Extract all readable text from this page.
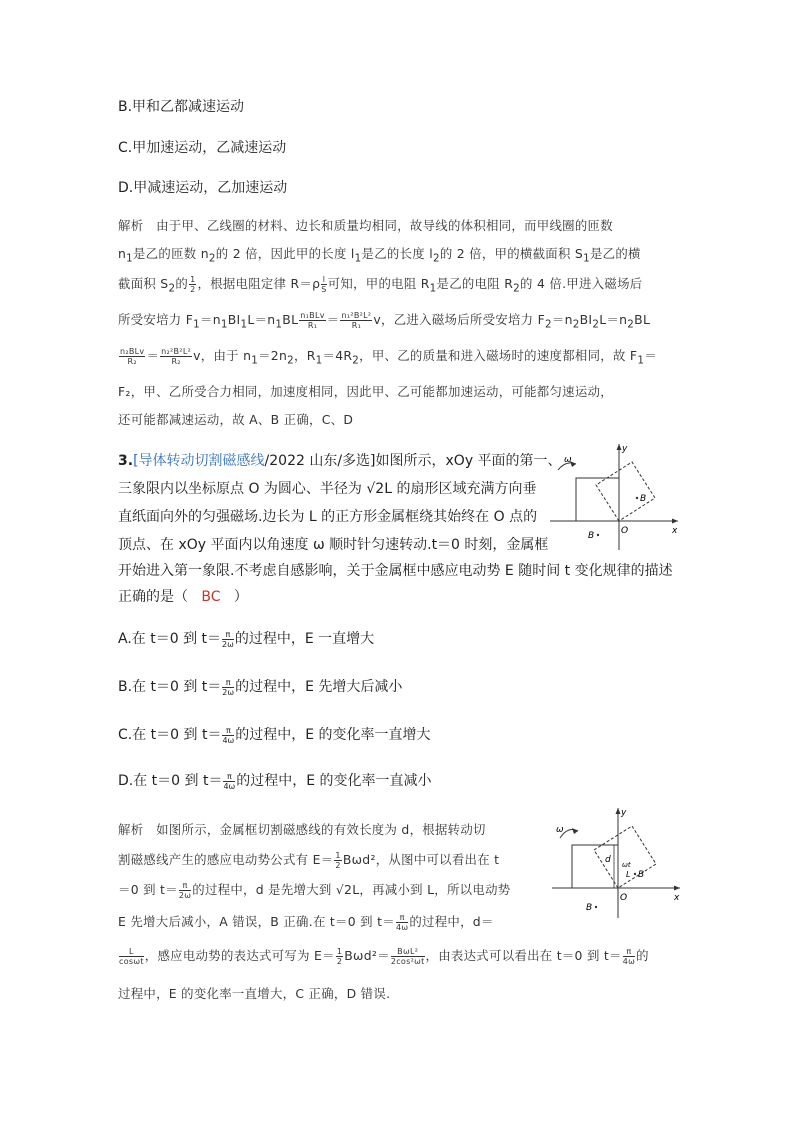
B.甲和乙都减速运动
C.甲加速运动，乙减速运动
D.甲减速运动，乙加速运动
解析　由于甲、乙线圈的材料、边长和质量均相同，故导线的体积相同，而甲线圈的匝数
$n_1$是乙的匝数 $n_2$的 2 倍，因此甲的长度 $l_1$是乙的长度 $l_2$的 2 倍，甲的横截面积 $S_1$是乙的横
截面积 $S_2$的 $\frac{1}{2}$ ，根据电阻定律 $R=\rho \frac{l}{S}$ 可知，甲的电阻 $R_1$是乙的电阻 $R_2$的 4 倍.甲进入磁场后
所受安培力 $F_1=n_1BI_1L=n_1BL \frac{\text{n₁BLv}}{\text{R₁}} = \frac{\text{n₁²B²L²}}{\text{R₁}}$ v，乙进入磁场后所受安培力 $F_2=n_2BI_2L=n_2BL$
$\frac{\text{n₂BLv}}{\text{R₂}} = \frac{\text{n₂²B²L²}}{\text{R₂}}$ v，由于 $n_1=2n_2$，$R_1=4R_2$，甲、乙的质量和进入磁场时的速度都相同，故 $F_1=$
F₂，甲、乙所受合力相同，加速度相同，因此甲、乙可能都加速运动，可能都匀速运动，
还可能都减速运动，故 A、B 正确，C、D
3.[导体转动切割磁感线/2022 山东/多选]如图所示，xOy 平面的第一、
三象限内以坐标原点 O 为圆心、半径为 √2L 的扇形区域充满方向垂
直纸面向外的匀强磁场.边长为 L 的正方形金属框绕其始终在 O 点的
顶点、在 xOy 平面内以角速度 ω 顺时针匀速转动.t＝0 时刻，金属框
开始进入第一象限.不考虑自感影响，关于金属框中感应电动势 E 随时间 t 变化规律的描述
正确的是（ BC ）
ω
y
x
O
B
B
A.在 t＝0 到 $t= \frac{\pi}{2\omega}$ 的过程中，E 一直增大
B.在 t＝0 到 $t= \frac{\pi}{2\omega}$ 的过程中，E 先增大后减小
C.在 t＝0 到 $t= \frac{\pi}{4\omega}$ 的过程中，E 的变化率一直增大
D.在 t＝0 到 $t= \frac{\pi}{4\omega}$ 的过程中，E 的变化率一直减小
解析　如图所示，金属框切割磁感线的有效长度为 d，根据转动切
割磁感线产生的感应电动势公式有 $E= \frac{1}{2} B\omega d^2$，从图中可以看出在 t
＝0 到 $t= \frac{\pi}{2\omega}$ 的过程中，d 是先增大到 √2L，再减小到 L，所以电动势
E 先增大后减小，A 错误，B 正确.在 t＝0 到 $t= \frac{\pi}{4\omega}$ 的过程中，d＝
$\frac{L}{\cos\omega t}$ ，感应电动势的表达式可写为 $E= \frac{1}{2} B\omega d^2= \frac{\text{BωL²}}{\text{2cos²ωt}}$ ，由表达式可以看出在 t＝0 到 $t= \frac{\pi}{4\omega}$ 的
过程中，E 的变化率一直增大，C 正确，D 错误.
ω
y
x
O
d ωt
L B
B
